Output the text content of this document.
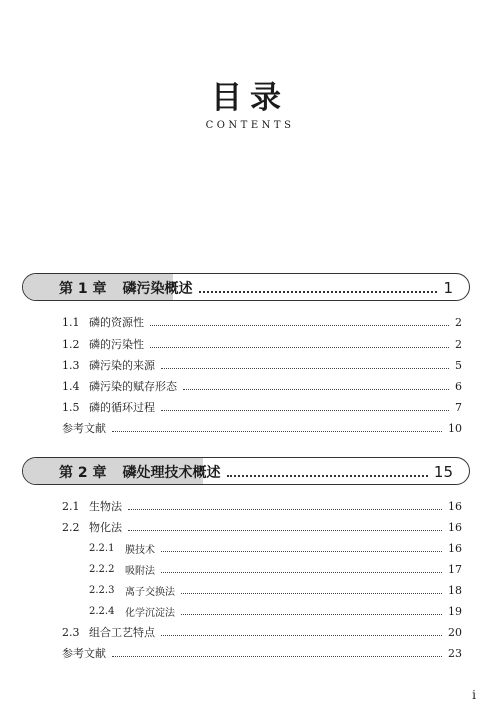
目录
CONTENTS
第 1 章 磷污染概述	1
1.1 磷的资源性	2
1.2 磷的污染性	2
1.3 磷污染的来源	5
1.4 磷污染的赋存形态	6
1.5 磷的循环过程	7
参考文献	10
第 2 章 磷处理技术概述	15
2.1 生物法	16
2.2 物化法	16
2.2.1	膜技术	16
2.2.2	吸附法	17
2.2.3	离子交换法	18
2.2.4	化学沉淀法	19
2.3 组合工艺特点	20
参考文献	23
i
